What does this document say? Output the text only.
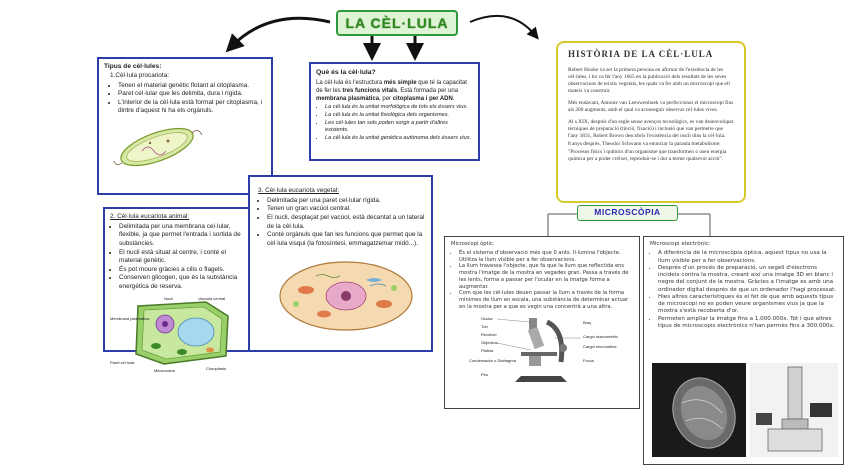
LA CÈL·LULA
Tipus de cèl·lules:
1.Cèl·lula procariota:
• Tenen el material genètic flotant al citoplasma.
• Paret cel·lular que les delimita, dura i rígida.
• L'interior de la cèl·lula està format per citoplasma, i dintre d'aquest hi ha els orgànuls.
Què és la cèl·lula?
La cèl·lula és l'estructura més simple que té la capacitat de fer les tres funcions vitals. Està formada per una membrana plasmàtica, per citoplasma i per ADN.
• La cèl·lula és la unitat morfològica de tots els éssers vius.
• La cèl·lula és la unitat fisiològica dels organismes.
• Les cèl·lules tan sols poden sorgir a partir d'altres existents.
• La cèl·lula és la unitat genètica autònoma dels éssers vius.
2. Cèl·lula eucariota animal:
• Delimitada per una membrana cel·lular, flexible, ja que permet l'entrada i sortida de substàncies.
• El nucli està situat al centre, i conté el material genètic.
• És pot moure gràcies a cilis o flagels.
• Conserven glicogen, que és la substància energètica de reserva.
Nucli	Vacuola central
Membrana plasmàtica
Paret cel·lular
Mitocondria	Cloroplasts
3. Cèl·lula eucariota vegetal:
• Delimitada per una paret cel·lular rígida.
• Tenen un gran vacúol central.
• El nucli, desplaçat pel vacúol, està decantat a un lateral de la cèl·lula.
• Conté orgànuls que fan les funcions que permet que la cèl·lula visqui (la fotosíntesi, emmagatzemar midó...).
HISTÒRIA DE LA CÈL·LULA

Robert Hooke va ser la primera persona en afirmar de l'existència de les cèl·lules, i ho va fer l'any 1665 en la publicació dels resultats de les seves observacions de teixits vegetals, les quals va fer amb un microscopi que ell mateix va construir.

Més endavant, Antonie van Leeuwenhoek va perfeccionar el microscopi fins als 200 augments, amb el qual va aconseguir observar cèl·lules vives.

Al s.XIX, després d'un segle sense avenços tecnològics, es van desenvolupar tècniques de preparació (tinció, fixació) i inclusió que van permetre que l'any 1831, Robert Brown descobrís l'existència del nucli dins la cèl·lula.

8 anys després, Theodor Schwann va enunciar la paraula metabolisme:

"Procesos físics i químics d'un organisme que transformen o usen energia química per a poder créixer, reproduir-se i dur a terme qualsevol acció".

MICROSCÒPIA
Microscopi òptic:
• És el sistema d'observació més que 0 ants. Il·lumina l'objecte. Utilitza la llum visible per a fer observacions.
• La llum travessa l'objecte, que fa que la llum que reflectida ens mostra l'imatge de la mostra en vegades gran. Passa a través de les lents, forma a passar per l'ocular en la imatge forma a augmentar.
• Com que les cèl·lules deuen passar la llum a través de la forma mínimes de llum en escala, una substància de determinar actuar en la mostra per a que es vegin una concentrà a una altra.
Ocular
Tub
Revòlver
Objectius
Platina
Condensador o Diafragma
Peu
Braç
Cargol macromètric
Cargol micromètric
Focus
Microscopi electrònic:
• A diferència de la microscòpia òptica, aquest tipus no usa la llum visible per a fer observacions.
• Després d'un procés de preparació, un segell d'electrons incideix contra la mostra, creant així una imatge 3D en blanc i negre del conjunt de la mostra. Gràcies a l'imatge es amb una ordinador digital després de que un ordenador l'hagi processat.
• Hies altres característiques és el fet de que amb aquests tipus de microscopi no es poden veure organismes vius ja que la mostra s'està recoberta d'or.
• Permeten ampliar la imatge fins a 1.000.000x. Tot i que altres tipus de microscopis electrònics n'han permès fins a 300.000x.
